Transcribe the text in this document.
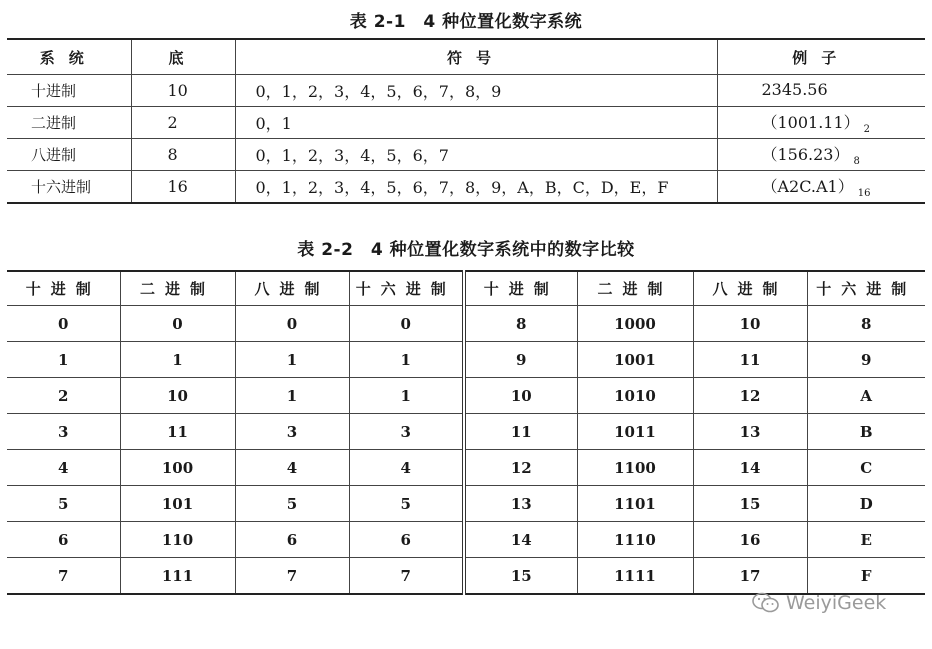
表 2-1　4 种位置化数字系统
系统	底	符号	例子
十进制	10	0，1，2，3，4，5，6，7，8，9	2345.56
二进制	2	0，1	（1001.11） $_2$
八进制	8	0，1，2，3，4，5，6，7	（156.23） $_8$
十六进制	16	0，1，2，3，4，5，6，7，8，9，A，B，C，D，E，F	（A2C.A1） $_{16}$
表 2-2　4 种位置化数字系统中的数字比较
十进制	二进制	八进制	十六进制	十进制	二进制	八进制	十六进制
0	0	0	0	8	1000	10	8
1	1	1	1	9	1001	11	9
2	10	1	1	10	1010	12	A
3	11	3	3	11	1011	13	B
4	100	4	4	12	1100	14	C
5	101	5	5	13	1101	15	D
6	110	6	6	14	1110	16	E
7	111	7	7	15	1111	17	F
WeiyiGeek
